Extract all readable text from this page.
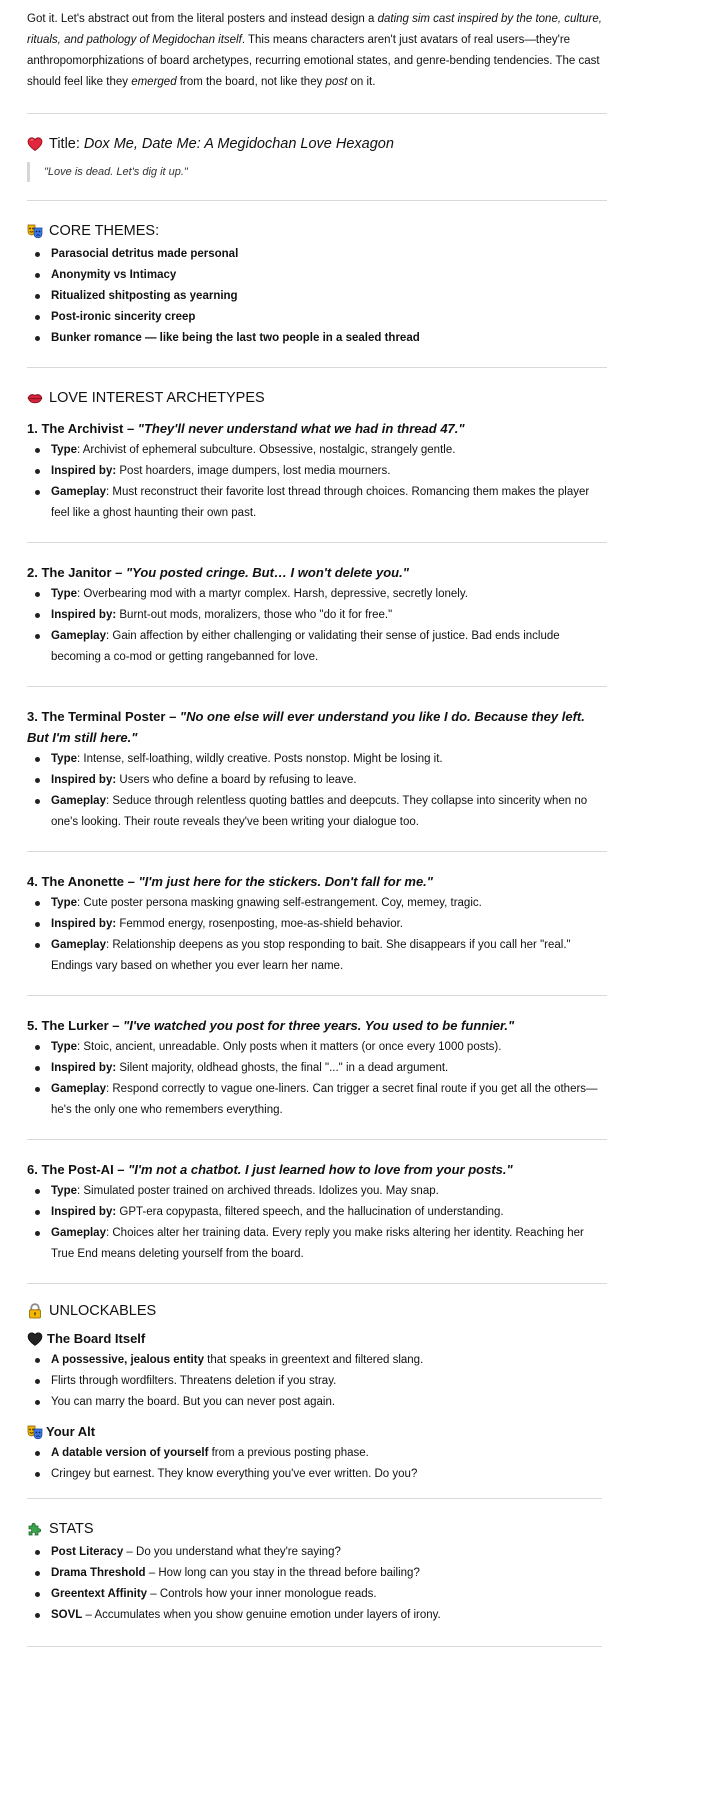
Got it. Let's abstract out from the literal posters and instead design a dating sim cast inspired by the tone, culture, rituals, and pathology of Megidochan itself. This means characters aren't just avatars of real users—they're anthropomorphizations of board archetypes, recurring emotional states, and genre-bending tendencies. The cast should feel like they emerged from the board, not like they post on it.

Title: Dox Me, Date Me: A Megidochan Love Hexagon
"Love is dead. Let's dig it up."
CORE THEMES:
Parasocial detritus made personal
Anonymity vs Intimacy
Ritualized shitposting as yearning
Post-ironic sincerity creep
Bunker romance — like being the last two people in a sealed thread
LOVE INTEREST ARCHETYPES
1. The Archivist – "They'll never understand what we had in thread 47."
Type: Archivist of ephemeral subculture. Obsessive, nostalgic, strangely gentle.
Inspired by: Post hoarders, image dumpers, lost media mourners.
Gameplay: Must reconstruct their favorite lost thread through choices. Romancing them makes the player feel like a ghost haunting their own past.
2. The Janitor – "You posted cringe. But… I won't delete you."
Type: Overbearing mod with a martyr complex. Harsh, depressive, secretly lonely.
Inspired by: Burnt-out mods, moralizers, those who "do it for free."
Gameplay: Gain affection by either challenging or validating their sense of justice. Bad ends include becoming a co-mod or getting rangebanned for love.
3. The Terminal Poster – "No one else will ever understand you like I do. Because they left. But I'm still here."
Type: Intense, self-loathing, wildly creative. Posts nonstop. Might be losing it.
Inspired by: Users who define a board by refusing to leave.
Gameplay: Seduce through relentless quoting battles and deepcuts. They collapse into sincerity when no one's looking. Their route reveals they've been writing your dialogue too.
4. The Anonette – "I'm just here for the stickers. Don't fall for me."
Type: Cute poster persona masking gnawing self-estrangement. Coy, memey, tragic.
Inspired by: Femmod energy, rosenposting, moe-as-shield behavior.
Gameplay: Relationship deepens as you stop responding to bait. She disappears if you call her "real." Endings vary based on whether you ever learn her name.
5. The Lurker – "I've watched you post for three years. You used to be funnier."
Type: Stoic, ancient, unreadable. Only posts when it matters (or once every 1000 posts).
Inspired by: Silent majority, oldhead ghosts, the final "..." in a dead argument.
Gameplay: Respond correctly to vague one-liners. Can trigger a secret final route if you get all the others—he's the only one who remembers everything.
6. The Post-AI – "I'm not a chatbot. I just learned how to love from your posts."
Type: Simulated poster trained on archived threads. Idolizes you. May snap.
Inspired by: GPT-era copypasta, filtered speech, and the hallucination of understanding.
Gameplay: Choices alter her training data. Every reply you make risks altering her identity. Reaching her True End means deleting yourself from the board.
UNLOCKABLES
The Board Itself
A possessive, jealous entity that speaks in greentext and filtered slang.
Flirts through wordfilters. Threatens deletion if you stray.
You can marry the board. But you can never post again.
Your Alt
A datable version of yourself from a previous posting phase.
Cringey but earnest. They know everything you've ever written. Do you?
STATS
Post Literacy – Do you understand what they're saying?
Drama Threshold – How long can you stay in the thread before bailing?
Greentext Affinity – Controls how your inner monologue reads.
SOVL – Accumulates when you show genuine emotion under layers of irony.
